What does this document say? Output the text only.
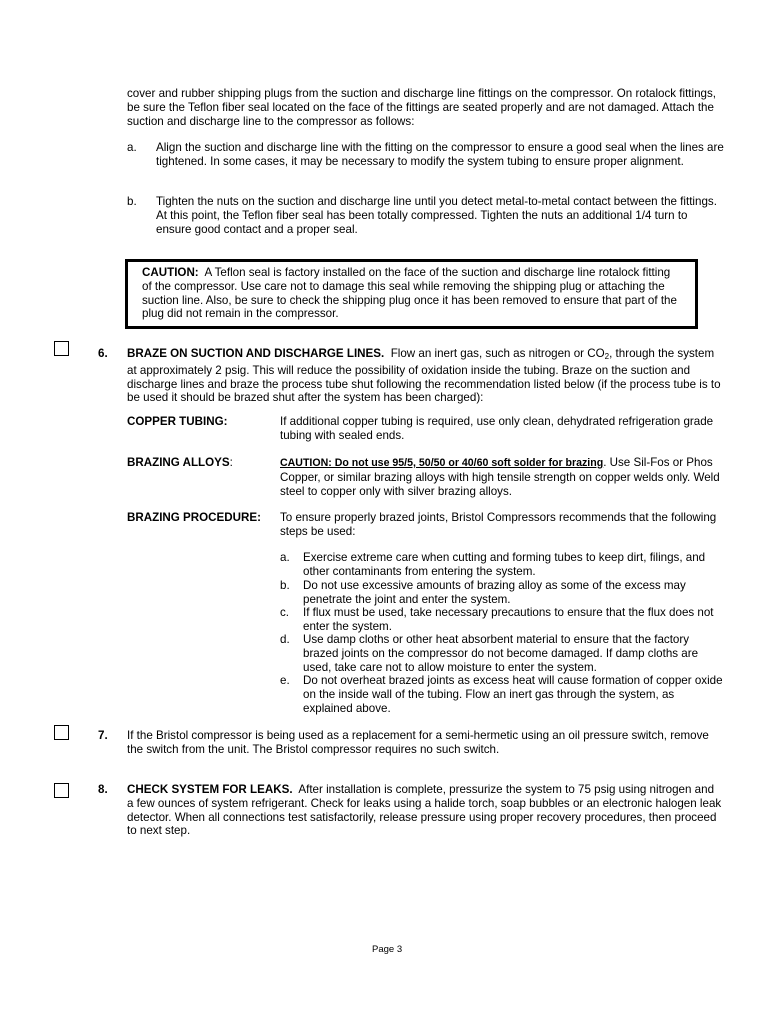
cover and rubber shipping plugs from the suction and discharge line fittings on the compressor. On rotalock fittings, be sure the Teflon fiber seal located on the face of the fittings are seated properly and are not damaged. Attach the suction and discharge line to the compressor as follows:

a. Align the suction and discharge line with the fitting on the compressor to ensure a good seal when the lines are tightened. In some cases, it may be necessary to modify the system tubing to ensure proper alignment.

b. Tighten the nuts on the suction and discharge line until you detect metal-to-metal contact between the fittings. At this point, the Teflon fiber seal has been totally compressed. Tighten the nuts an additional 1/4 turn to ensure good contact and a proper seal.

CAUTION: A Teflon seal is factory installed on the face of the suction and discharge line rotalock fitting of the compressor. Use care not to damage this seal while removing the shipping plug or attaching the suction line. Also, be sure to check the shipping plug once it has been removed to ensure that part of the plug did not remain in the compressor.

6. BRAZE ON SUCTION AND DISCHARGE LINES. Flow an inert gas, such as nitrogen or $CO_2$, through the system at approximately 2 psig. This will reduce the possibility of oxidation inside the tubing. Braze on the suction and discharge lines and braze the process tube shut following the recommendation listed below (if the process tube is to be used it should be brazed shut after the system has been charged):

COPPER TUBING:	If additional copper tubing is required, use only clean, dehydrated refrigeration grade tubing with sealed ends.

BRAZING ALLOYS:	CAUTION: Do not use 95/5, 50/50 or 40/60 soft solder for brazing. Use Sil-Fos or Phos Copper, or similar brazing alloys with high tensile strength on copper welds only. Weld steel to copper only with silver brazing alloys.

BRAZING PROCEDURE: To ensure properly brazed joints, Bristol Compressors recommends that the following steps be used:

a. Exercise extreme care when cutting and forming tubes to keep dirt, filings, and other contaminants from entering the system.

b. Do not use excessive amounts of brazing alloy as some of the excess may penetrate the joint and enter the system.

c. If flux must be used, take necessary precautions to ensure that the flux does not enter the system.

d. Use damp cloths or other heat absorbent material to ensure that the factory brazed joints on the compressor do not become damaged. If damp cloths are used, take care not to allow moisture to enter the system.

e. Do not overheat brazed joints as excess heat will cause formation of copper oxide on the inside wall of the tubing. Flow an inert gas through the system, as explained above.

7. If the Bristol compressor is being used as a replacement for a semi-hermetic using an oil pressure switch, remove the switch from the unit. The Bristol compressor requires no such switch.

8. CHECK SYSTEM FOR LEAKS. After installation is complete, pressurize the system to 75 psig using nitrogen and a few ounces of system refrigerant. Check for leaks using a halide torch, soap bubbles or an electronic halogen leak detector. When all connections test satisfactorily, release pressure using proper recovery procedures, then proceed to next step.

Page 3
